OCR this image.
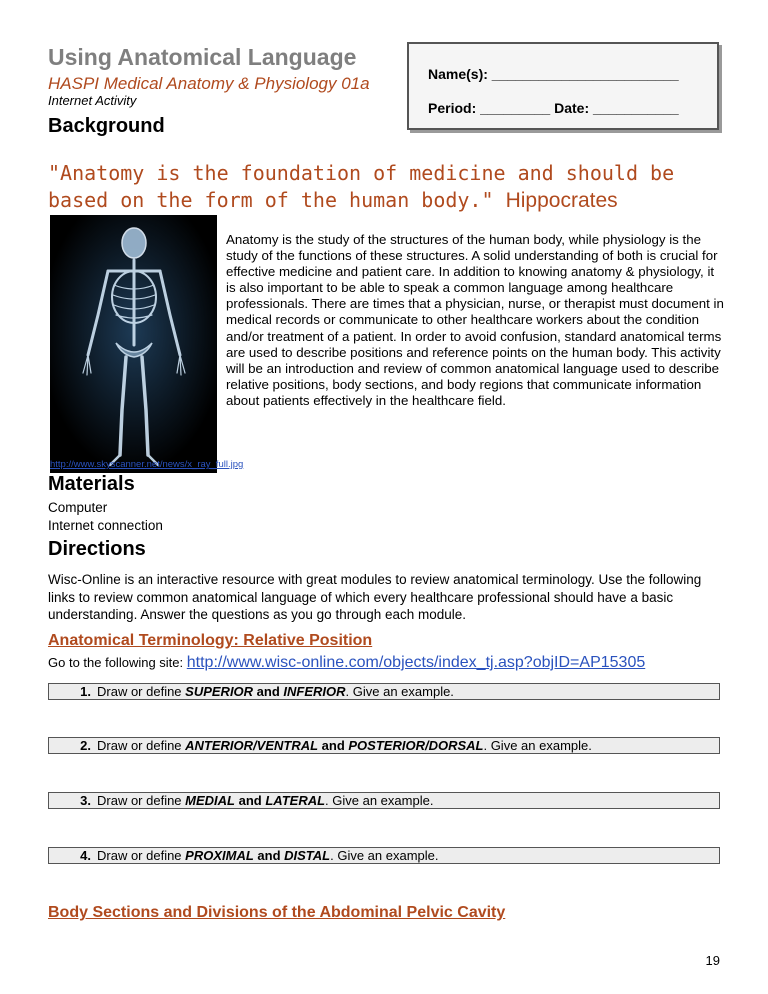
Using Anatomical Language
HASPI Medical Anatomy & Physiology 01a
Internet Activity
Name(s): ________________________
Period: _________ Date: ___________
Background
"Anatomy is the foundation of medicine and should be based on the form of the human body." Hippocrates
http://www.skyscanner.net/news/x_ray_full.jpg
Anatomy is the study of the structures of the human body, while physiology is the study of the functions of these structures. A solid understanding of both is crucial for effective medicine and patient care. In addition to knowing anatomy & physiology, it is also important to be able to speak a common language among healthcare professionals. There are times that a physician, nurse, or therapist must document in medical records or communicate to other healthcare workers about the condition and/or treatment of a patient. In order to avoid confusion, standard anatomical terms are used to describe positions and reference points on the human body. This activity will be an introduction and review of common anatomical language used to describe relative positions, body sections, and body regions that communicate information about patients effectively in the healthcare field.
Materials
Computer
Internet connection
Directions
Wisc-Online is an interactive resource with great modules to review anatomical terminology. Use the following links to review common anatomical language of which every healthcare professional should have a basic understanding. Answer the questions as you go through each module.
Anatomical Terminology: Relative Position
Go to the following site: http://www.wisc-online.com/objects/index_tj.asp?objID=AP15305
1. Draw or define SUPERIOR and INFERIOR. Give an example.
2. Draw or define ANTERIOR/VENTRAL and POSTERIOR/DORSAL. Give an example.
3. Draw or define MEDIAL and LATERAL. Give an example.
4. Draw or define PROXIMAL and DISTAL. Give an example.
Body Sections and Divisions of the Abdominal Pelvic Cavity
19
